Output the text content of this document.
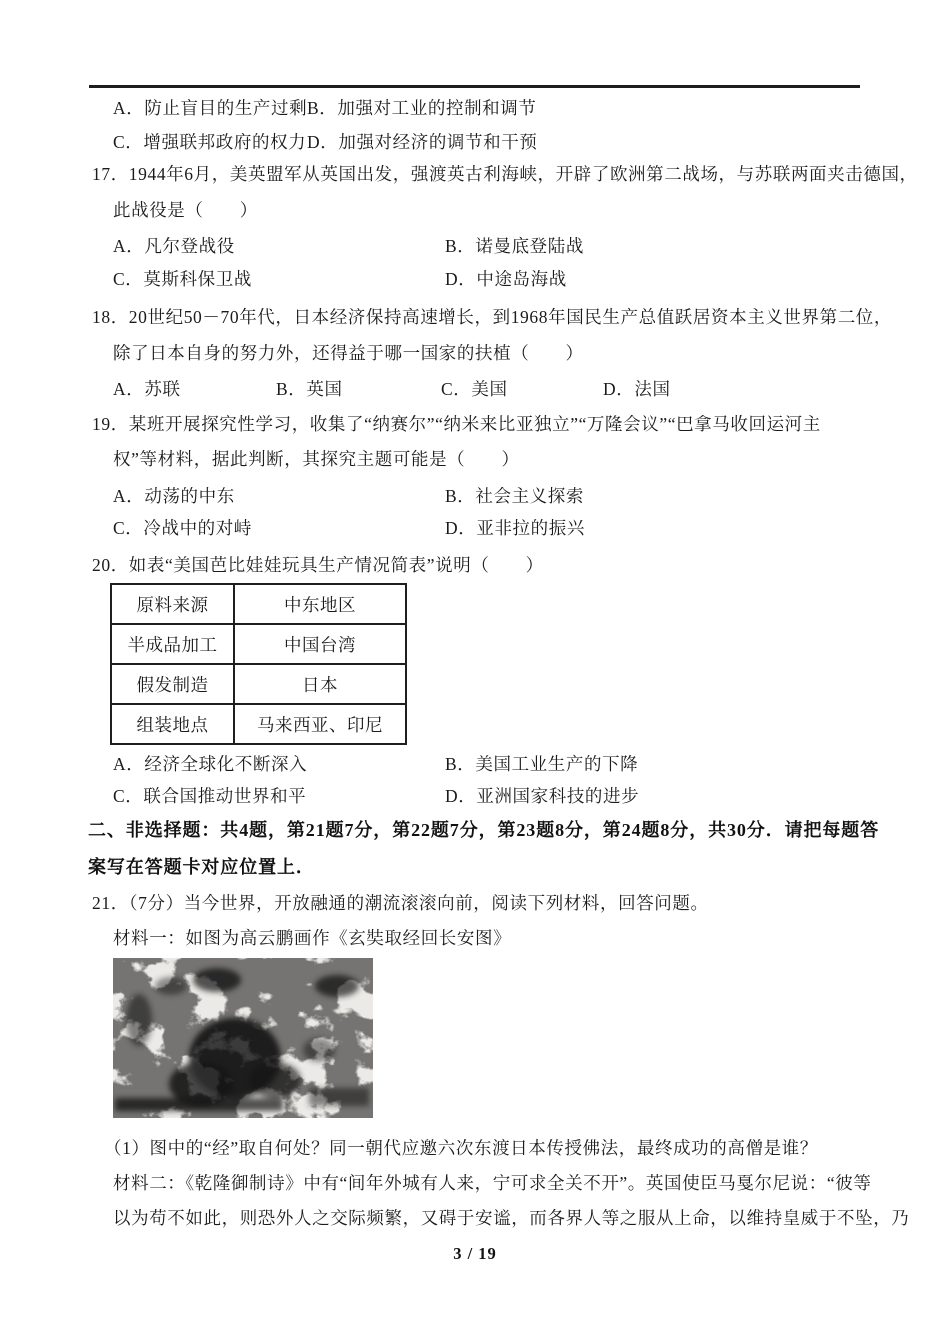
A．防止盲目的生产过剩 B．加强对工业的控制和调节
C．增强联邦政府的权力 D．加强对经济的调节和干预
17．1944年6月，美英盟军从英国出发，强渡英古利海峡，开辟了欧洲第二战场，与苏联两面夹击德国，
此战役是（　　）
A．凡尔登战役	B．诺曼底登陆战
C．莫斯科保卫战	D．中途岛海战
18．20世纪50－70年代，日本经济保持高速增长，到1968年国民生产总值跃居资本主义世界第二位，
除了日本自身的努力外，还得益于哪一国家的扶植（　　）
A．苏联	B．英国	C．美国	D．法国
19．某班开展探究性学习，收集了“纳赛尔”“纳米来比亚独立”“万隆会议”“巴拿马收回运河主
权”等材料，据此判断，其探究主题可能是（　　）
A．动荡的中东	B．社会主义探索
C．冷战中的对峙	D．亚非拉的振兴
20．如表“美国芭比娃娃玩具生产情况简表”说明（　　）
原料来源	中东地区
半成品加工	中国台湾
假发制造	日本
组装地点	马来西亚、印尼
A．经济全球化不断深入	B．美国工业生产的下降
C．联合国推动世界和平	D．亚洲国家科技的进步
二、非选择题：共4题，第21题7分，第22题7分，第23题8分，第24题8分，共30分．请把每题答
案写在答题卡对应位置上．
21．（7分）当今世界，开放融通的潮流滚滚向前，阅读下列材料，回答问题。
材料一：如图为高云鹏画作《玄奘取经回长安图》
（1）图中的“经”取自何处？同一朝代应邀六次东渡日本传授佛法，最终成功的高僧是谁？
材料二：《乾隆御制诗》中有“间年外城有人来，宁可求全关不开”。英国使臣马戛尔尼说：“彼等
以为苟不如此，则恐外人之交际频繁，又碍于安谧，而各界人等之服从上命，以维持皇威于不坠，乃
3 / 19
